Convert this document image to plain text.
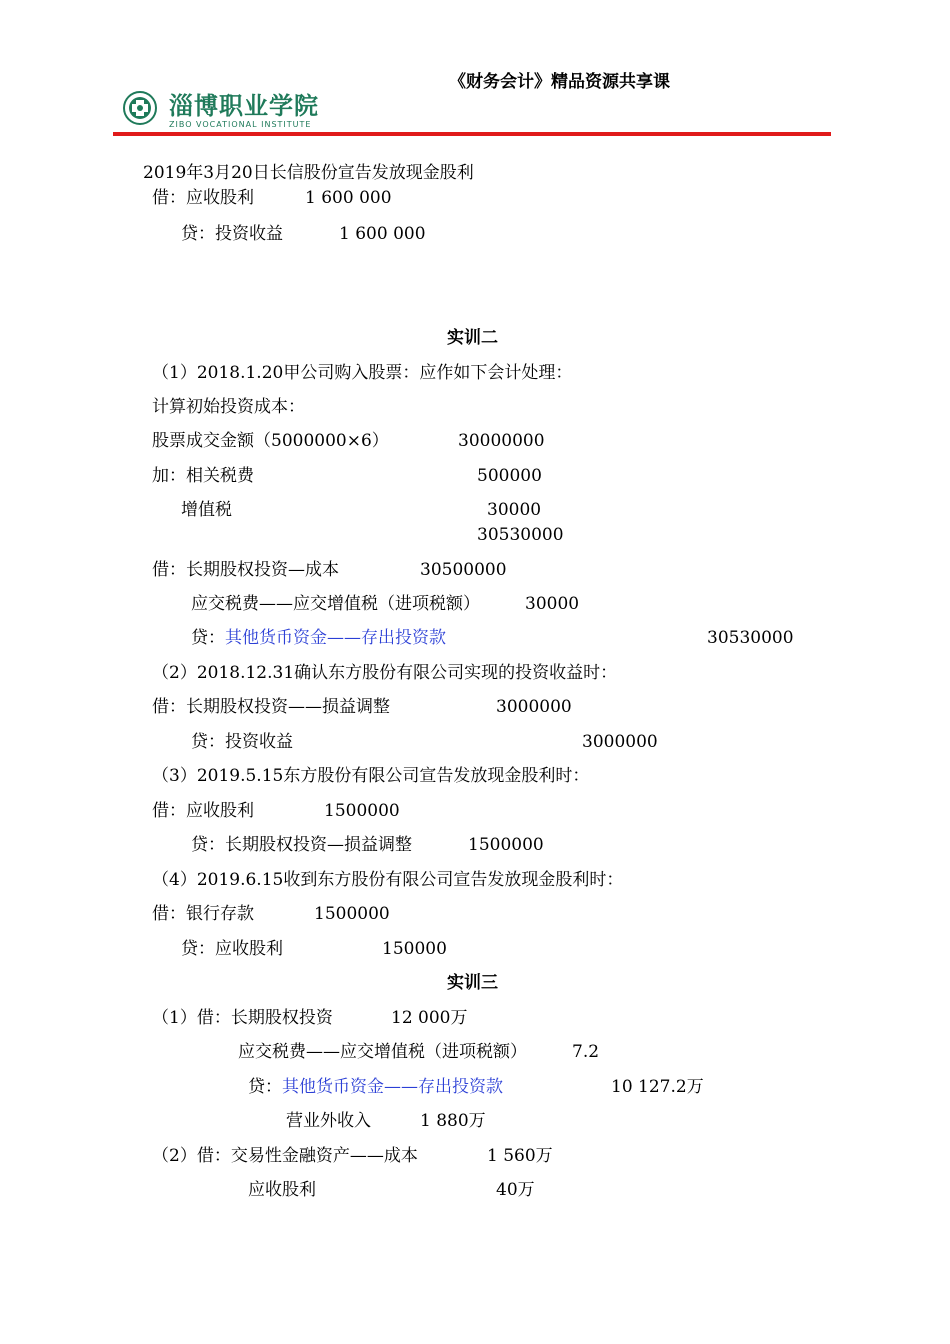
《财务会计》精品资源共享课
淄博职业学院
ZIBO VOCATIONAL INSTITUTE
2019年3月20日长信股份宣告发放现金股利
借：应收股利	1 600 000
贷：投资收益	1 600 000
实训二
（1）2018.1.20甲公司购入股票：应作如下会计处理：
计算初始投资成本：
股票成交金额（5000000×6）	30000000
加：相关税费	500000
增值税	30000
30530000
借：长期股权投资—成本	30500000
应交税费——应交增值税（进项税额）	30000
贷：其他货币资金——存出投资款	30530000
（2）2018.12.31确认东方股份有限公司实现的投资收益时：
借：长期股权投资——损益调整	3000000
贷：投资收益	3000000
（3）2019.5.15东方股份有限公司宣告发放现金股利时：
借：应收股利	1500000
贷：长期股权投资—损益调整	1500000
（4）2019.6.15收到东方股份有限公司宣告发放现金股利时：
借：银行存款	1500000
贷：应收股利	150000
实训三
（1）借：长期股权投资	12 000万
应交税费——应交增值税（进项税额）	7.2
贷：其他货币资金——存出投资款	10 127.2万
营业外收入	1 880万
（2）借：交易性金融资产——成本	1 560万
应收股利	40万
